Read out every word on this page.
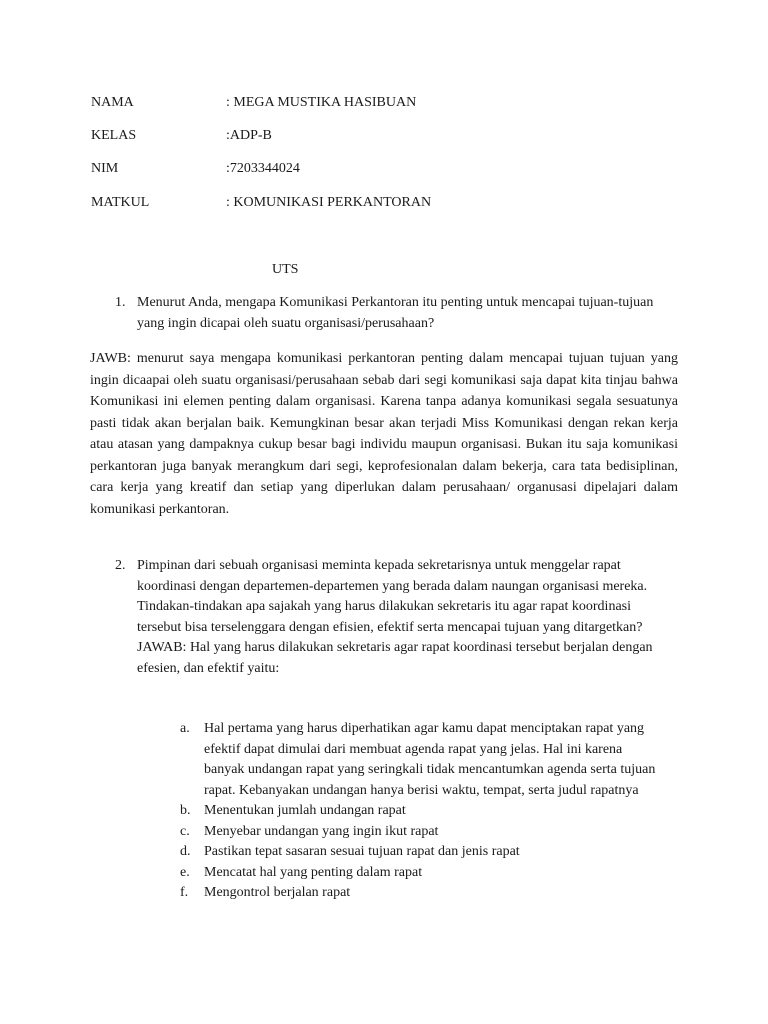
NAMA	: MEGA MUSTIKA HASIBUAN
KELAS	:ADP-B
NIM	:7203344024
MATKUL	: KOMUNIKASI PERKANTORAN
UTS
1. Menurut Anda, mengapa Komunikasi Perkantoran itu penting untuk mencapai tujuan-tujuan yang ingin dicapai oleh suatu organisasi/perusahaan?
JAWB: menurut saya mengapa komunikasi perkantoran penting dalam mencapai tujuan tujuan yang ingin dicaapai oleh suatu organisasi/perusahaan sebab dari segi komunikasi saja dapat kita tinjau bahwa Komunikasi ini elemen penting dalam organisasi. Karena tanpa adanya komunikasi segala sesuatunya pasti tidak akan berjalan baik. Kemungkinan besar akan terjadi Miss Komunikasi dengan rekan kerja atau atasan yang dampaknya cukup besar bagi individu maupun organisasi. Bukan itu saja komunikasi perkantoran juga banyak merangkum dari segi, keprofesionalan dalam bekerja, cara tata bedisiplinan, cara kerja yang kreatif dan setiap yang diperlukan dalam perusahaan/ organusasi dipelajari dalam komunikasi perkantoran.
2. Pimpinan dari sebuah organisasi meminta kepada sekretarisnya untuk menggelar rapat koordinasi dengan departemen-departemen yang berada dalam naungan organisasi mereka. Tindakan-tindakan apa sajakah yang harus dilakukan sekretaris itu agar rapat koordinasi tersebut bisa terselenggara dengan efisien, efektif serta mencapai tujuan yang ditargetkan?
JAWAB: Hal yang harus dilakukan sekretaris agar rapat koordinasi tersebut berjalan dengan efesien, dan efektif yaitu:
a. Hal pertama yang harus diperhatikan agar kamu dapat menciptakan rapat yang efektif dapat dimulai dari membuat agenda rapat yang jelas. Hal ini karena banyak undangan rapat yang seringkali tidak mencantumkan agenda serta tujuan rapat. Kebanyakan undangan hanya berisi waktu, tempat, serta judul rapatnya
b. Menentukan jumlah undangan rapat
c. Menyebar undangan yang ingin ikut rapat
d. Pastikan tepat sasaran sesuai tujuan rapat dan jenis rapat
e. Mencatat hal yang penting dalam rapat
f. Mengontrol berjalan rapat
